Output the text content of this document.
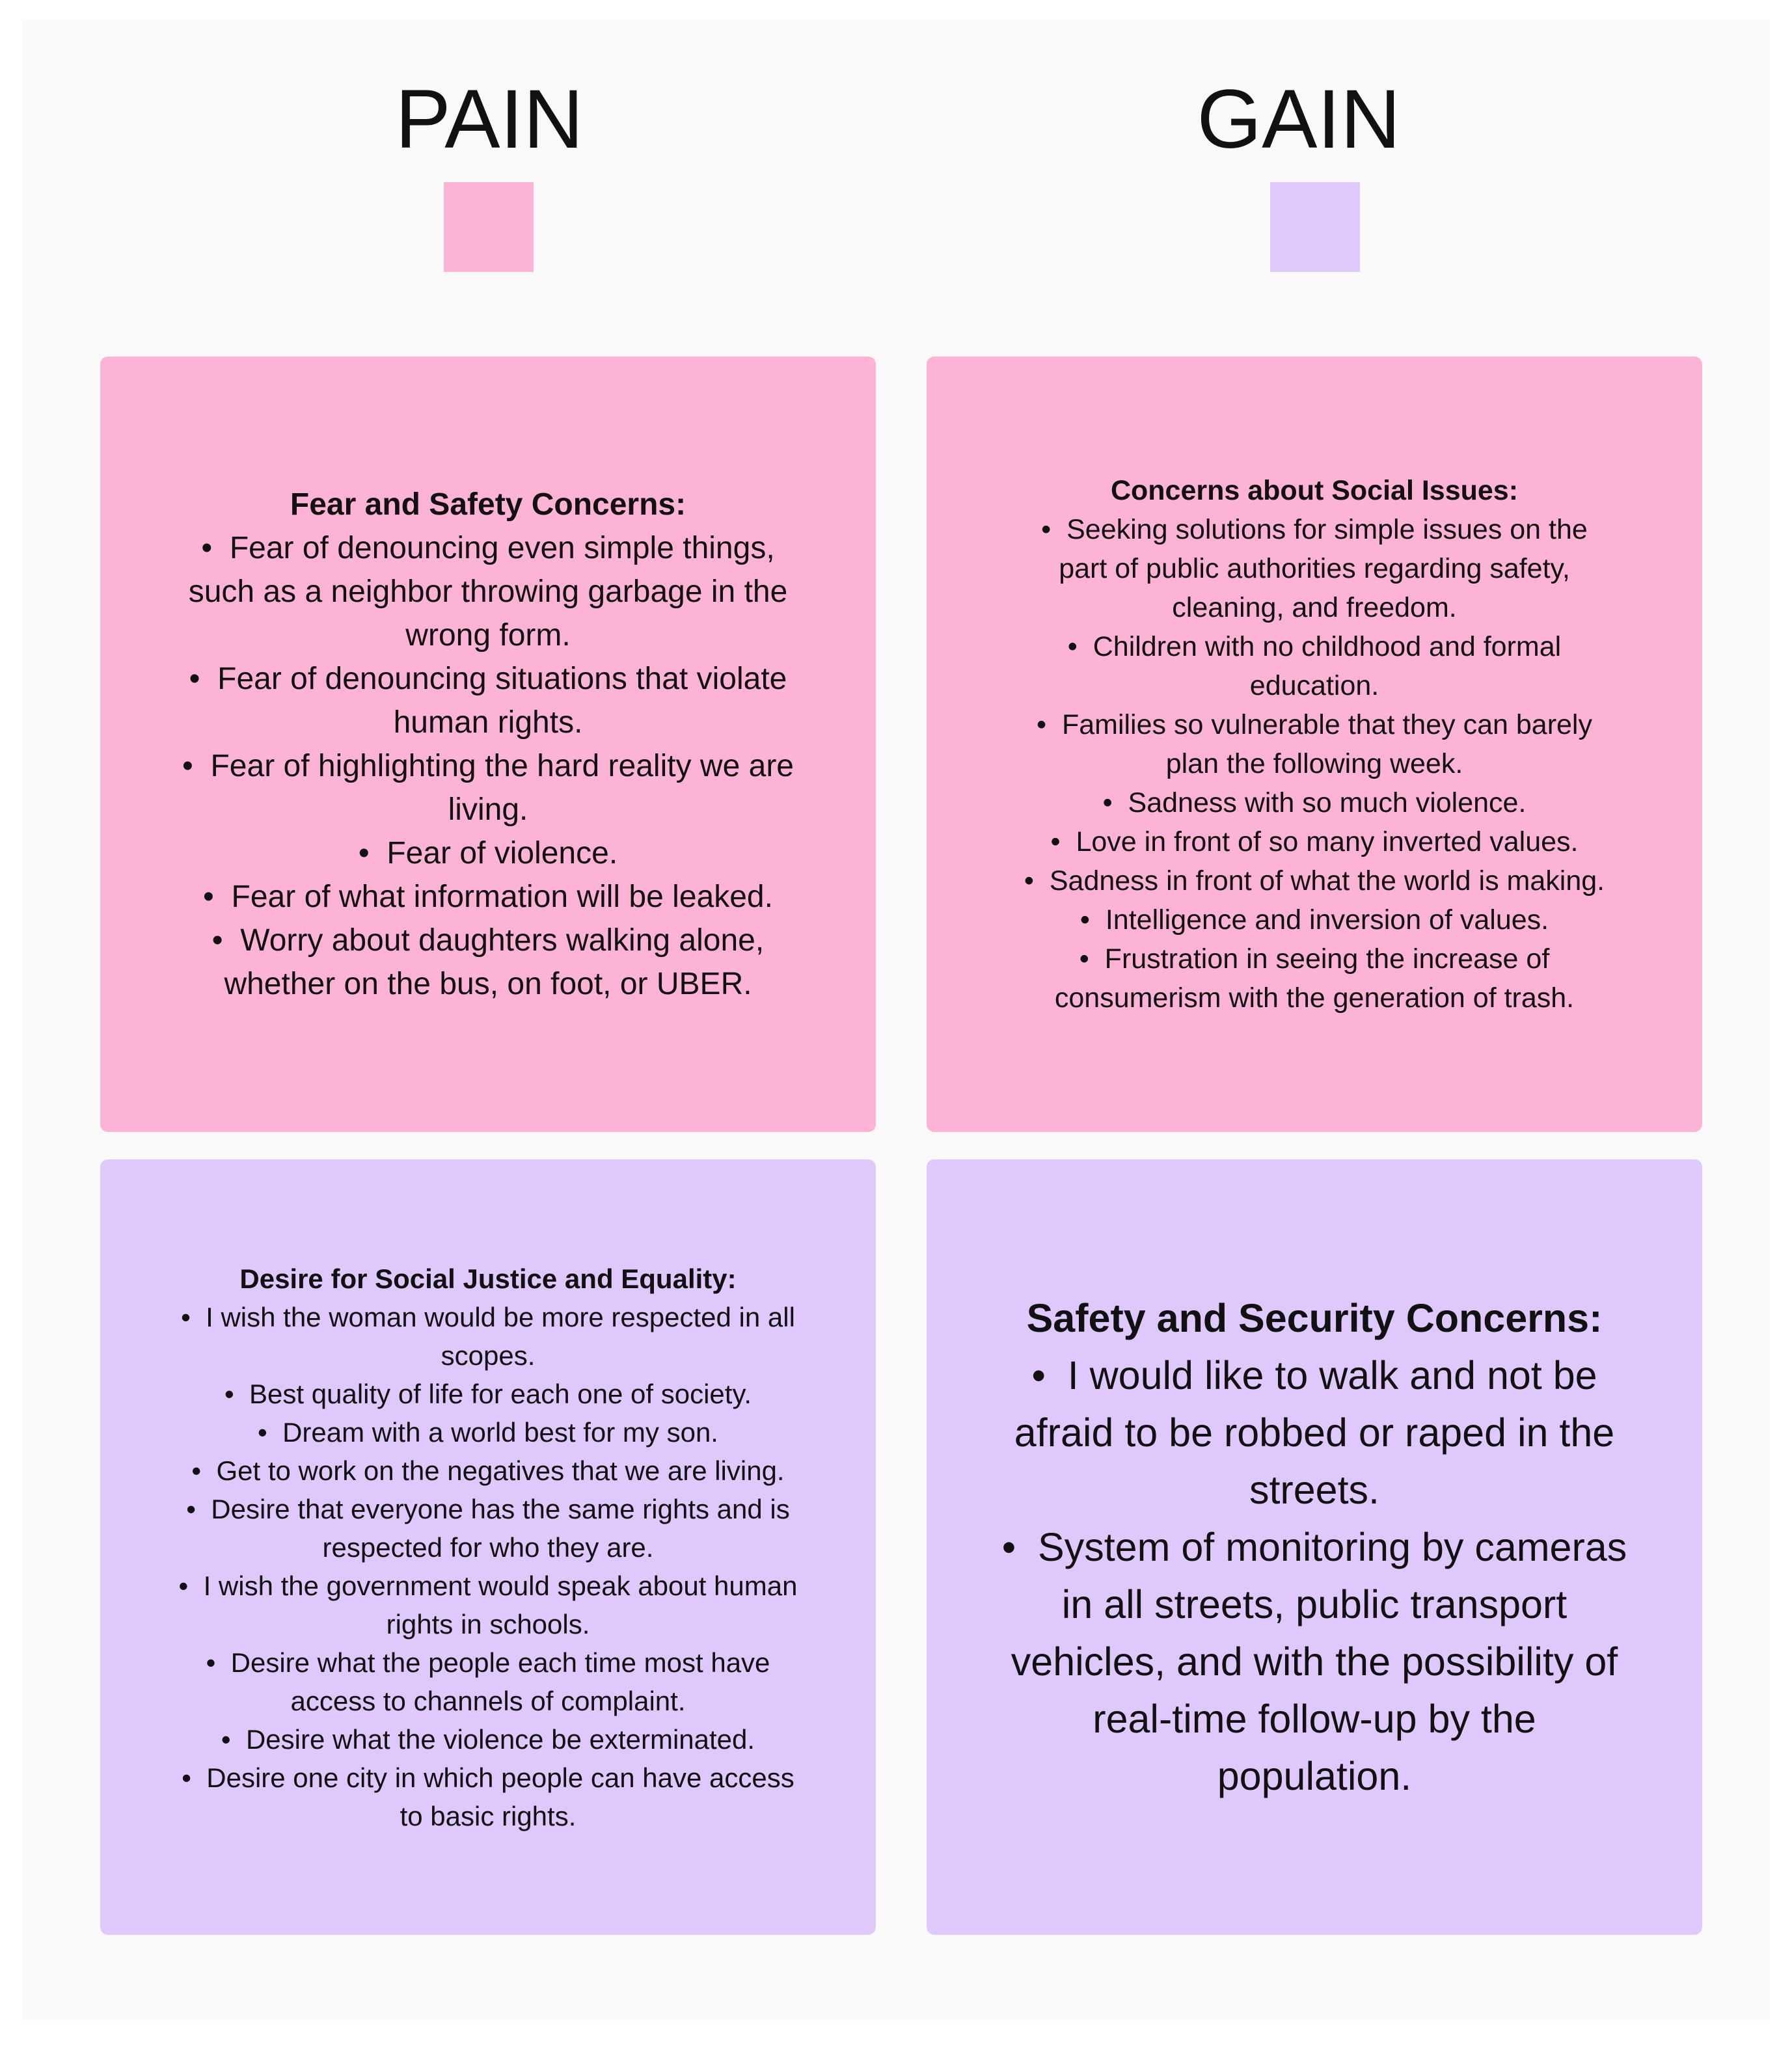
PAIN	GAIN
Fear and Safety Concerns:
•  Fear of denouncing even simple things, such as a neighbor throwing garbage in the wrong form.
•  Fear of denouncing situations that violate human rights.
•  Fear of highlighting the hard reality we are living.
•  Fear of violence.
•  Fear of what information will be leaked.
•  Worry about daughters walking alone, whether on the bus, on foot, or UBER.
Concerns about Social Issues:
•  Seeking solutions for simple issues on the part of public authorities regarding safety, cleaning, and freedom.
•  Children with no childhood and formal education.
•  Families so vulnerable that they can barely plan the following week.
•  Sadness with so much violence.
•  Love in front of so many inverted values.
•  Sadness in front of what the world is making.
•  Intelligence and inversion of values.
•  Frustration in seeing the increase of consumerism with the generation of trash.
Desire for Social Justice and Equality:
•  I wish the woman would be more respected in all scopes.
•  Best quality of life for each one of society.
•  Dream with a world best for my son.
•  Get to work on the negatives that we are living.
•  Desire that everyone has the same rights and is respected for who they are.
•  I wish the government would speak about human rights in schools.
•  Desire what the people each time most have access to channels of complaint.
•  Desire what the violence be exterminated.
•  Desire one city in which people can have access to basic rights.
Safety and Security Concerns:
•  I would like to walk and not be afraid to be robbed or raped in the streets.
•  System of monitoring by cameras in all streets, public transport vehicles, and with the possibility of real-time follow-up by the population.
